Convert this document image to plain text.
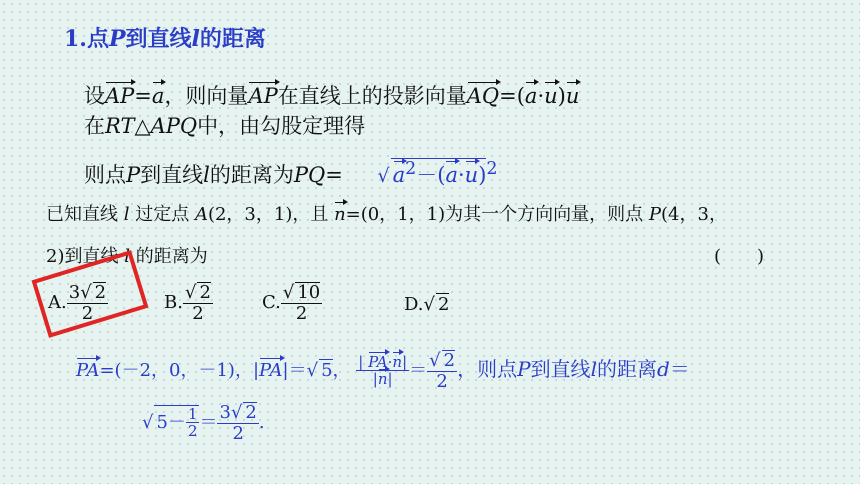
1.点P到直线l的距离
设AP=a，则向量AP在直线上的投影向量AQ=(a·u)u
在RT△APQ中，由勾股定理得
则点P到直线l的距离为PQ= √ $a^2-(a\cdot u)^2$
已知直线 l 过定点 A(2，3，1)，且 n=(0，1，1)为其一个方向向量，则点 P(4，3，
2)到直线 l 的距离为	(　　)
A. $\frac{3√ 2}{2}$	B. $\frac{√ 2}{2}$	C. $\frac{√ 10}{2}$	D.√ 2
PA=(－2，0，－1)，|PA|＝√ 5， $\frac{| PA\cdot n|}{|n|} = \frac{√ 2}{2}$ ，则点P到直线l的距离d＝
√ $5- \frac{1}{2} = \frac{3√ 2}{2}$ .
